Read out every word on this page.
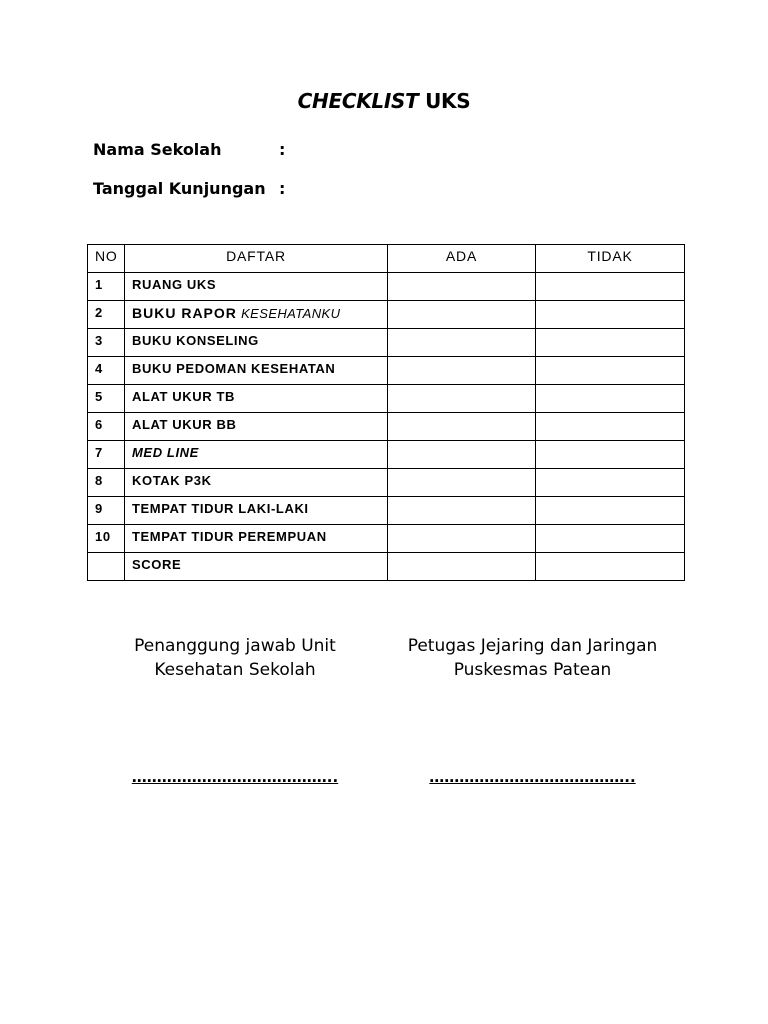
CHECKLIST UKS
Nama Sekolah	:
Tanggal Kunjungan :
NO	DAFTAR	ADA	TIDAK
1	RUANG UKS		
2	BUKU RAPOR KESEHATANKU		
3	BUKU KONSELING		
4	BUKU PEDOMAN KESEHATAN		
5	ALAT UKUR TB		
6	ALAT UKUR BB		
7	MED LINE		
8	KOTAK P3K		
9	TEMPAT TIDUR LAKI-LAKI		
10	TEMPAT TIDUR PEREMPUAN		
	SCORE		
Penanggung jawab Unit
Kesehatan Sekolah
…………………………………..
Petugas Jejaring dan Jaringan
Puskesmas Patean
…………………………………..
